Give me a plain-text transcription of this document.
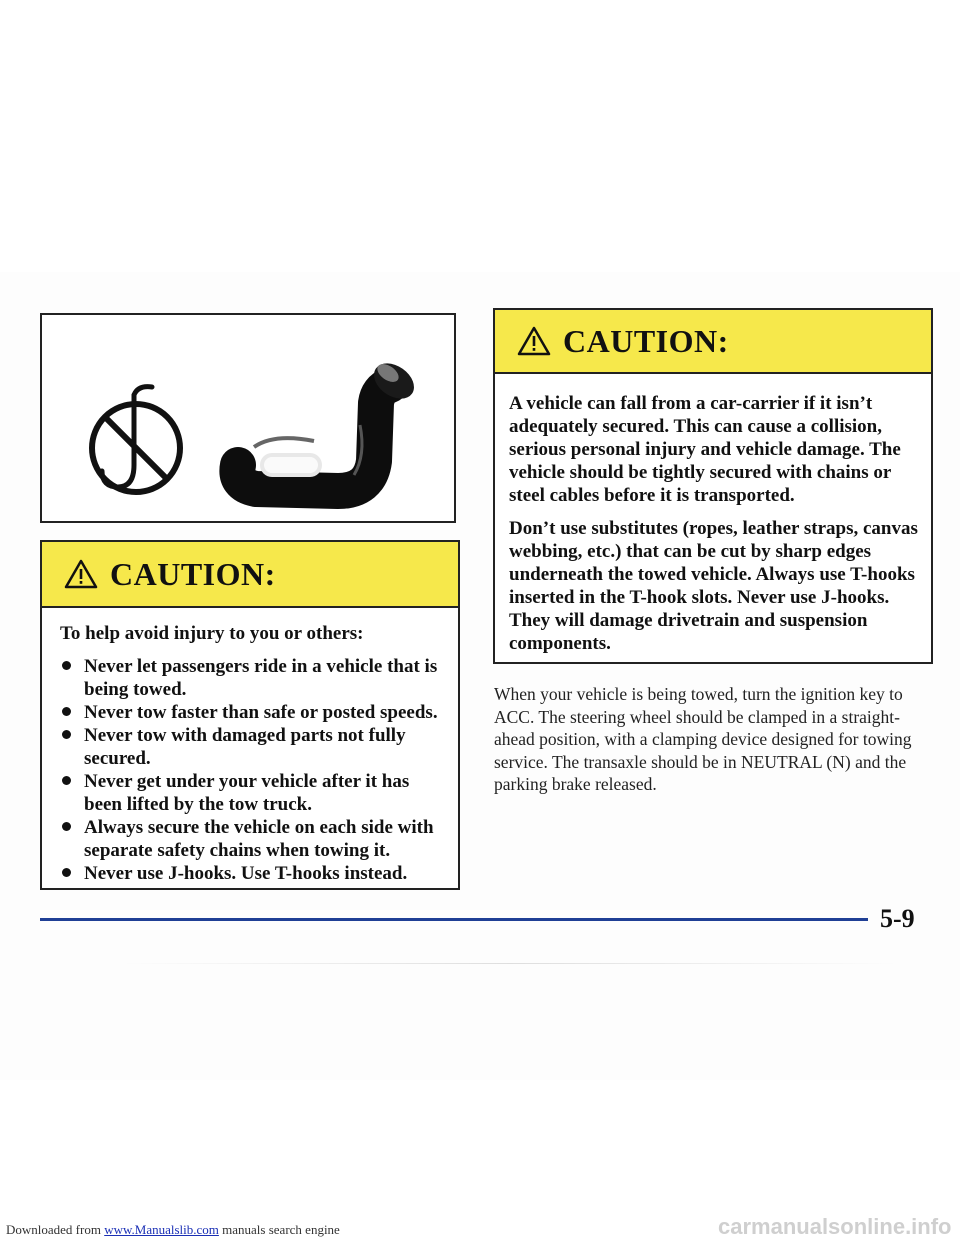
CAUTION:

To help avoid injury to you or others:

Never let passengers ride in a vehicle that is being towed.
Never tow faster than safe or posted speeds.
Never tow with damaged parts not fully secured.
Never get under your vehicle after it has been lifted by the tow truck.
Always secure the vehicle on each side with separate safety chains when towing it.
Never use J-hooks. Use T-hooks instead.
CAUTION:

A vehicle can fall from a car-carrier if it isn’t adequately secured. This can cause a collision, serious personal injury and vehicle damage. The vehicle should be tightly secured with chains or steel cables before it is transported.

Don’t use substitutes (ropes, leather straps, canvas webbing, etc.) that can be cut by sharp edges underneath the towed vehicle. Always use T-hooks inserted in the T-hook slots. Never use J-hooks. They will damage drivetrain and suspension components.

When your vehicle is being towed, turn the ignition key to ACC. The steering wheel should be clamped in a straight-ahead position, with a clamping device designed for towing service. The transaxle should be in NEUTRAL (N) and the parking brake released.

5-9
Downloaded from www.Manualslib.com manuals search engine	carmanualsonline.info
